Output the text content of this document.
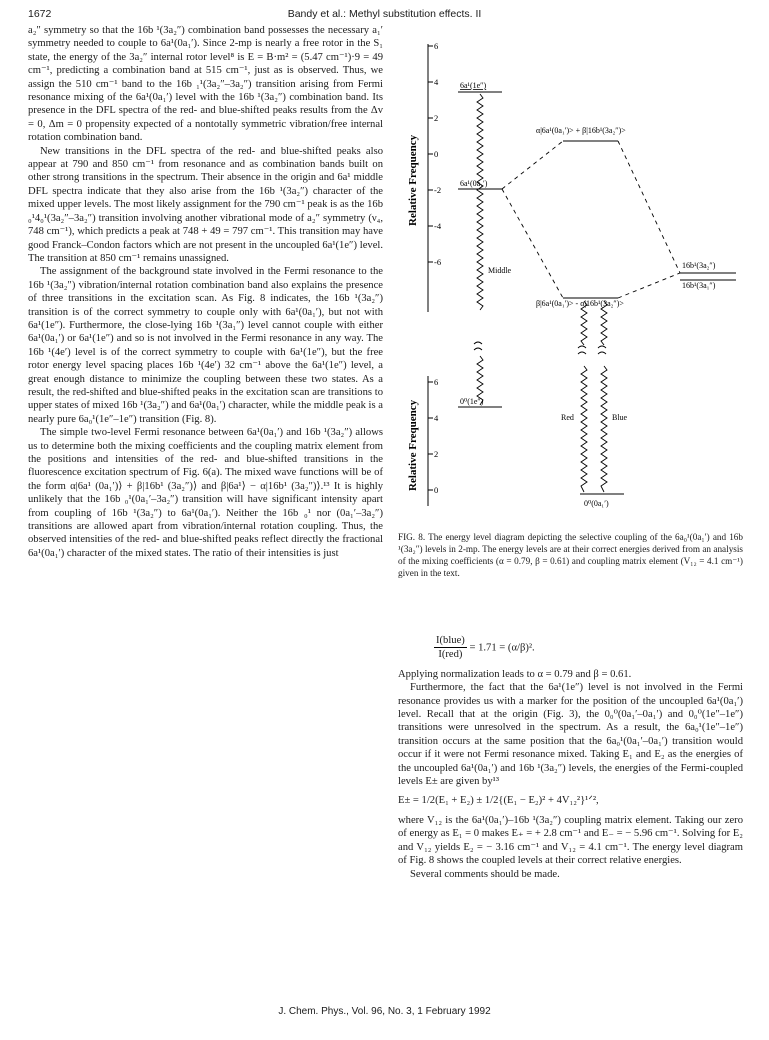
1672	Bandy et al.: Methyl substitution effects. II

a₂″ symmetry so that the 16b ¹(3a₂″) combination band possesses the necessary a₁′ symmetry needed to couple to 6a¹(0a₁′). Since 2-mp is nearly a free rotor in the S₁ state, the energy of the 3a₂″ internal rotor level⁸ is E = B·m² = (5.47 cm⁻¹)·9 = 49 cm⁻¹, predicting a combination band at 515 cm⁻¹, just as is observed. Thus, we assign the 510 cm⁻¹ band to the 16b ₁¹(3a₂″–3a₂″) transition arising from Fermi resonance mixing of the 6a¹(0a₁′) level with the 16b ¹(3a₂″) combination band. Its presence in the DFL spectra of the red- and blue-shifted peaks results from the Δv = 0, Δm = 0 propensity expected of a nontotally symmetric vibration/free internal rotation combination band.

New transitions in the DFL spectra of the red- and blue-shifted peaks also appear at 790 and 850 cm⁻¹ from resonance and as combination bands built on other strong transitions in the spectrum. Their absence in the origin and 6a¹ middle DFL spectra indicate that they also arise from the 16b ¹(3a₂″) character of the mixed upper levels. The most likely assignment for the 790 cm⁻¹ peak is as the 16b ₀¹4₀¹(3a₂″–3a₂″) transition involving another vibrational mode of a₂″ symmetry (ν₄, 748 cm⁻¹), which predicts a peak at 748 + 49 = 797 cm⁻¹. This transition may have good Franck–Condon factors which are not present in the uncoupled 6a¹(1e″) level. The transition at 850 cm⁻¹ remains unassigned.

The assignment of the background state involved in the Fermi resonance to the 16b ¹(3a₂″) vibration/internal rotation combination band also explains the presence of three transitions in the excitation scan. As Fig. 8 indicates, the 16b ¹(3a₂″) transition is of the correct symmetry to couple only with 6a¹(0a₁′), but not with 6a¹(1e″). Furthermore, the close-lying 16b ¹(3a₁″) level cannot couple with either 6a¹(0a₁′) or 6a¹(1e″) and so is not involved in the Fermi resonance in any way. The 16b ¹(4e′) level is of the correct symmetry to couple with 6a¹(1e″), but the free rotor energy level spacing places 16b ¹(4e′) 32 cm⁻¹ above the 6a¹(1e″) level, a great enough distance to minimize the coupling between these two states. As a result, the red-shifted and blue-shifted peaks in the excitation scan are transitions to upper states of mixed 16b ¹(3a₂″) and 6a¹(0a₁′) character, while the middle peak is a nearly pure 6a₀¹(1e″–1e″) transition (Fig. 8).

The simple two-level Fermi resonance between 6a¹(0a₁′) and 16b ¹(3a₂″) allows us to determine both the mixing coefficients and the coupling matrix element from the positions and intensities of the red- and blue-shifted transitions in the fluorescence excitation spectrum of Fig. 6(a). The mixed wave functions will be of the form α|6a¹ (0a₁′)⟩ + β|16b¹ (3a₂″)⟩ and β|6a¹⟩ − α|16b¹ (3a₂″)⟩.¹³ It is highly unlikely that the 16b ₀¹(0a₁′–3a₂″) transition will have significant intensity apart from coupling of 16b ¹(3a₂″) to 6a¹(0a₁′). Neither the 16b ₀¹ nor (0a₁′–3a₂″) transitions are allowed apart from vibration/internal rotation coupling. Thus, the observed intensities of the red- and blue-shifted peaks reflect directly the fractional 6a¹(0a₁′) character of the mixed states. The ratio of their intensities is just

6
4
2
0
-2
-4
-6
6
4
2
0
Relative Frequency
Relative Frequency
6a¹(1e″)
6a¹(0a₁′)
α|6a¹(0a₁′)> + β|16b¹(3a₂″)>
β|6a¹(0a₁′)> - α|16b¹(3a₂″)>
16b¹(3a₂″)
16b¹(3a₁″)
Middle
0⁰(1e″)
0⁰(0a₁′)
Red	Blue
FIG. 8. The energy level diagram depicting the selective coupling of the 6a₀¹(0a₁′) and 16b ¹(3a₂″) levels in 2-mp. The energy levels are at their correct energies derived from an analysis of the mixing coefficients (α = 0.79, β = 0.61) and coupling matrix element (V₁₂ = 4.1 cm⁻¹) given in the text.
$\frac{\text{I(blue)}}{\text{I(red)}} = 1.71 = (\alpha/\beta)^2$.

Applying normalization leads to α = 0.79 and β = 0.61.

Furthermore, the fact that the 6a¹(1e″) level is not involved in the Fermi resonance provides us with a marker for the position of the uncoupled 6a¹(0a₁′) level. Recall that at the origin (Fig. 3), the 0₀⁰(0a₁′–0a₁′) and 0₀⁰(1e″–1e″) transitions were unresolved in the spectrum. As a result, the 6a₀¹(1e″–1e″) transition occurs at the same position that the 6a₀¹(0a₁′–0a₁′) transition would occur if it were not Fermi resonance mixed. Taking E₁ and E₂ as the energies of the uncoupled 6a¹(0a₁′) and 16b ¹(3a₂″) levels, the energies of the Fermi-coupled levels E± are given by¹³

E± = 1/2(E₁ + E₂) ± 1/2{(E₁ − E₂)² + 4V₁₂²}¹ᐟ²,

where V₁₂ is the 6a¹(0a₁′)–16b ¹(3a₂″) coupling matrix element. Taking our zero of energy as E₁ = 0 makes E₊ = + 2.8 cm⁻¹ and E₋ = − 5.96 cm⁻¹. Solving for E₂ and V₁₂ yields E₂ = − 3.16 cm⁻¹ and V₁₂ = 4.1 cm⁻¹. The energy level diagram of Fig. 8 shows the coupled levels at their correct relative energies.

Several comments should be made.

J. Chem. Phys., Vol. 96, No. 3, 1 February 1992
